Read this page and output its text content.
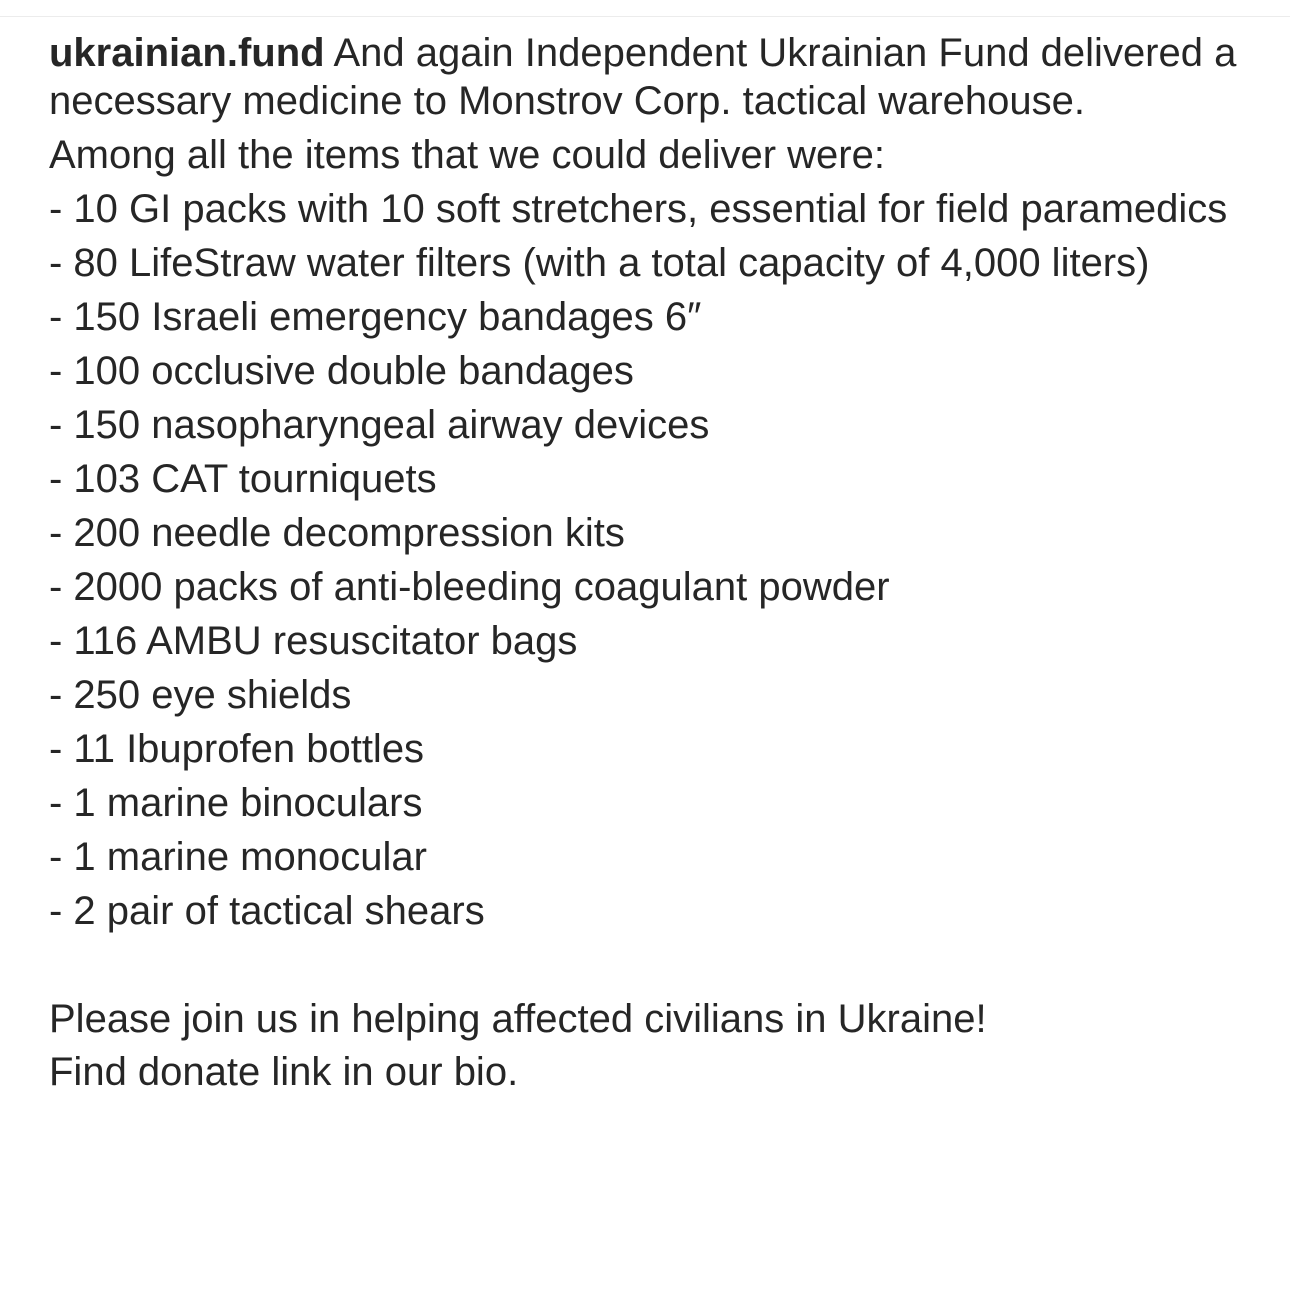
ukrainian.fund And again Independent Ukrainian Fund delivered a necessary medicine to Monstrov Corp. tactical warehouse.

Among all the items that we could deliver were:

- 10 GI packs with 10 soft stretchers, essential for field paramedics
- 80 LifeStraw water filters (with a total capacity of 4,000 liters)
- 150 Israeli emergency bandages 6″
- 100 occlusive double bandages
- 150 nasopharyngeal airway devices
- 103 CAT tourniquets
- 200 needle decompression kits
- 2000 packs of anti-bleeding coagulant powder
- 116 AMBU resuscitator bags
- 250 eye shields
- 11 Ibuprofen bottles
- 1 marine binoculars
- 1 marine monocular
- 2 pair of tactical shears

Please join us in helping affected civilians in Ukraine!
Find donate link in our bio.
